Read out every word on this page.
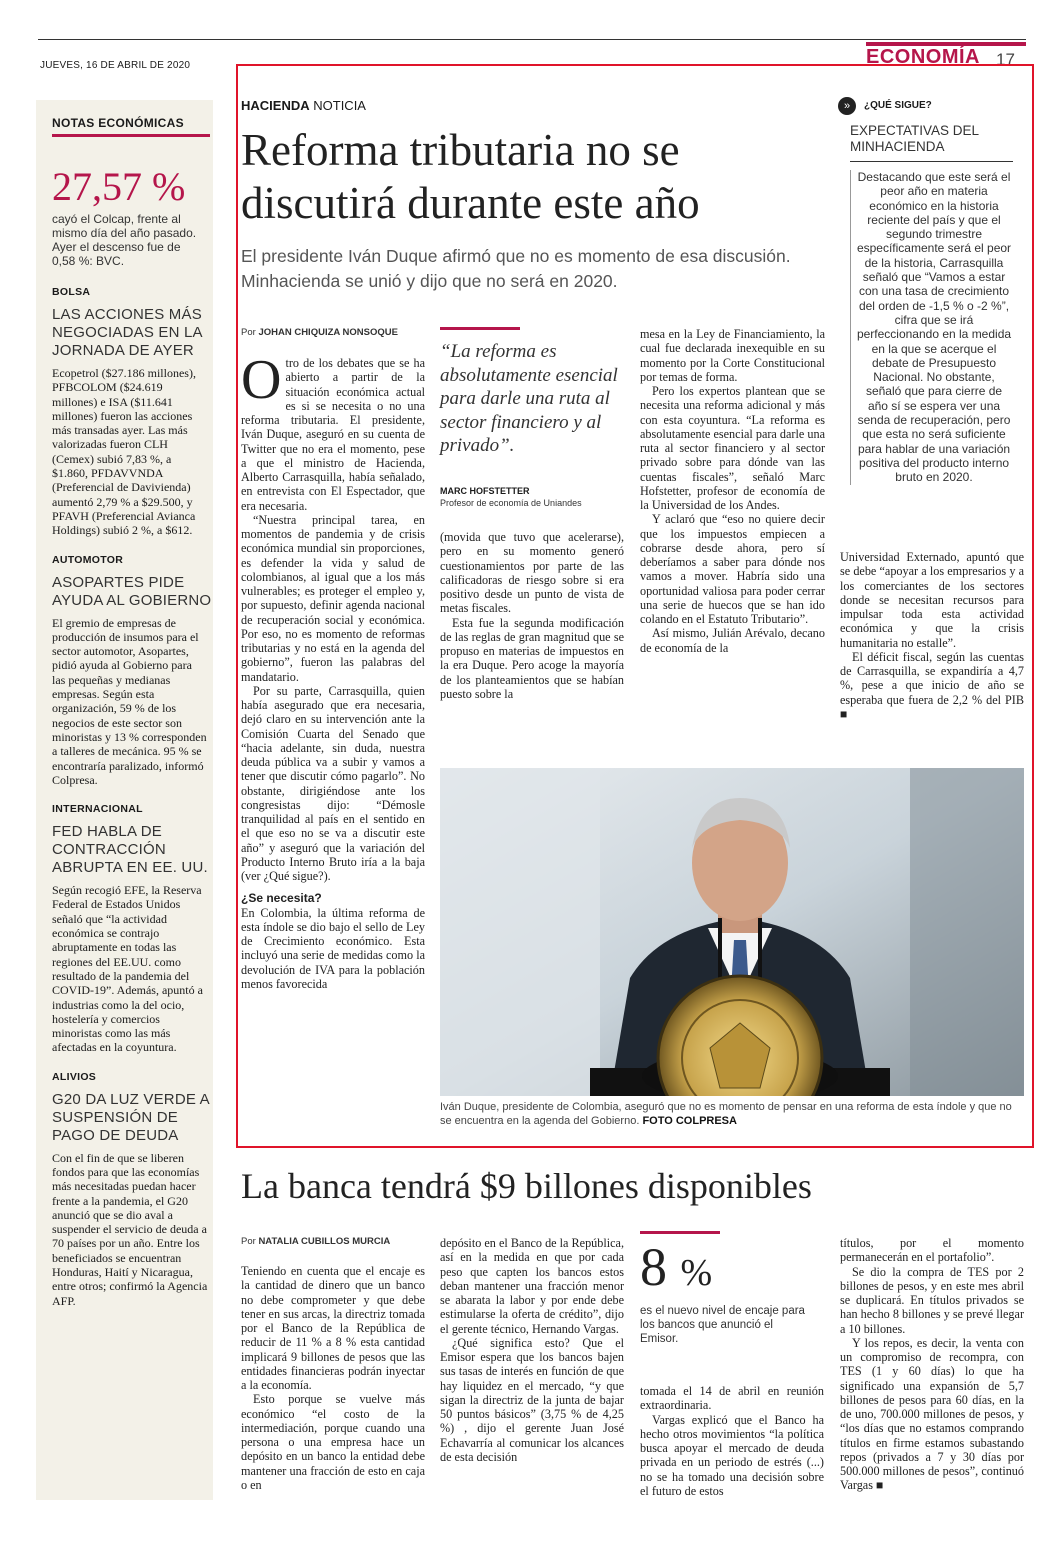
JUEVES, 16 DE ABRIL DE 2020	ECONOMÍA 17
NOTAS ECONÓMICAS
27,57 %
cayó el Colcap, frente al mismo día del año pasado. Ayer el descenso fue de 0,58 %: BVC.
BOLSA
LAS ACCIONES MÁS NEGOCIADAS EN LA JORNADA DE AYER
Ecopetrol ($27.186 millones), PFBCOLOM ($24.619 millones) e ISA ($11.641 millones) fueron las acciones más transadas ayer. Las más valorizadas fueron CLH (Cemex) subió 7,83 %, a $1.860, PFDAVVNDA (Preferencial de Davivienda) aumentó 2,79 % a $29.500, y PFAVH (Preferencial Avianca Holdings) subió 2 %, a $612.
AUTOMOTOR
ASOPARTES PIDE AYUDA AL GOBIERNO
El gremio de empresas de producción de insumos para el sector automotor, Asopartes, pidió ayuda al Gobierno para las pequeñas y medianas empresas. Según esta organización, 59 % de los negocios de este sector son minoristas y 13 % corresponden a talleres de mecánica. 95 % se encontraría paralizado, informó Colpresa.
INTERNACIONAL
FED HABLA DE CONTRACCIÓN ABRUPTA EN EE. UU.
Según recogió EFE, la Reserva Federal de Estados Unidos señaló que “la actividad económica se contrajo abruptamente en todas las regiones del EE.UU. como resultado de la pandemia del COVID-19”. Además, apuntó a industrias como la del ocio, hostelería y comercios minoristas como las más afectadas en la coyuntura.
ALIVIOS
G20 DA LUZ VERDE A SUSPENSIÓN DE PAGO DE DEUDA
Con el fin de que se liberen fondos para que las economías más necesitadas puedan hacer frente a la pandemia, el G20 anunció que se dio aval a suspender el servicio de deuda a 70 países por un año. Entre los beneficiados se encuentran Honduras, Haití y Nicaragua, entre otros; confirmó la Agencia AFP.
HACIENDA NOTICIA
Reforma tributaria no se discutirá durante este año
El presidente Iván Duque afirmó que no es momento de esa discusión. Minhacienda se unió y dijo que no será en 2020.
Por JOHAN CHIQUIZA NONSOQUE

Otro de los debates que se ha abierto a partir de la situación económica actual es si se necesita o no una reforma tributaria. El presidente, Iván Duque, aseguró en su cuenta de Twitter que no era el momento, pese a que el ministro de Hacienda, Alberto Carrasquilla, había señalado, en entrevista con El Espectador, que era necesaria.

“Nuestra principal tarea, en momentos de pandemia y de crisis económica mundial sin proporciones, es defender la vida y salud de colombianos, al igual que a los más vulnerables; es proteger el empleo y, por supuesto, definir agenda nacional de recuperación social y económica. Por eso, no es momento de reformas tributarias y no está en la agenda del gobierno”, fueron las palabras del mandatario.

Por su parte, Carrasquilla, quien había asegurado que era necesaria, dejó claro en su intervención ante la Comisión Cuarta del Senado que “hacia adelante, sin duda, nuestra deuda pública va a subir y vamos a tener que discutir cómo pagarlo”. No obstante, dirigiéndose ante los congresistas dijo: “Démosle tranquilidad al país en el sentido en el que eso no se va a discutir este año” y aseguró que la variación del Producto Interno Bruto iría a la baja (ver ¿Qué sigue?).

¿Se necesita?

En Colombia, la última reforma de esta índole se dio bajo el sello de Ley de Crecimiento económico. Esta incluyó una serie de medidas como la devolución de IVA para la población menos favorecida

“La reforma es absolutamente esencial para darle una ruta al sector financiero y al privado”.
MARC HOFSTETTER
Profesor de economía de Uniandes

(movida que tuvo que acelerarse), pero en su momento generó cuestionamientos por parte de las calificadoras de riesgo sobre si era positivo desde un punto de vista de metas fiscales.

Esta fue la segunda modificación de las reglas de gran magnitud que se propuso en materias de impuestos en la era Duque. Pero acoge la mayoría de los planteamientos que se habían puesto sobre la

mesa en la Ley de Financiamiento, la cual fue declarada inexequible en su momento por la Corte Constitucional por temas de forma.

Pero los expertos plantean que se necesita una reforma adicional y más con esta coyuntura. “La reforma es absolutamente esencial para darle una ruta al sector financiero y al sector privado sobre para dónde van las cuentas fiscales”, señaló Marc Hofstetter, profesor de economía de la Universidad de los Andes.

Y aclaró que “eso no quiere decir que los impuestos empiecen a cobrarse desde ahora, pero sí deberíamos a saber para dónde nos vamos a mover. Habría sido una oportunidad valiosa para poder cerrar una serie de huecos que se han ido colando en el Estatuto Tributario”.

Así mismo, Julián Arévalo, decano de economía de la

» ¿QUÉ SIGUE?
EXPECTATIVAS DEL MINHACIENDA
Destacando que este será el peor año en materia económico en la historia reciente del país y que el segundo trimestre específicamente será el peor de la historia, Carrasquilla señaló que “Vamos a estar con una tasa de crecimiento del orden de -1,5 % o -2 %”, cifra que se irá perfeccionando en la medida en la que se acerque el debate de Presupuesto Nacional. No obstante, señaló que para cierre de año sí se espera ver una senda de recuperación, pero que esta no será suficiente para hablar de una variación positiva del producto interno bruto en 2020.

Universidad Externado, apuntó que se debe “apoyar a los empresarios y a los comerciantes de los sectores donde se necesitan recursos para impulsar toda esta actividad económica y que la crisis humanitaria no estalle”.

El déficit fiscal, según las cuentas de Carrasquilla, se expandiría a 4,7 %, pese a que inicio de año se esperaba que fuera de 2,2 % del PIB ■

Iván Duque, presidente de Colombia, aseguró que no es momento de pensar en una reforma de esta índole y que no se encuentra en la agenda del Gobierno. FOTO COLPRESA
La banca tendrá $9 billones disponibles
Por NATALIA CUBILLOS MURCIA

Teniendo en cuenta que el encaje es la cantidad de dinero que un banco no debe comprometer y que debe tener en sus arcas, la directriz tomada por el Banco de la República de reducir de 11 % a 8 % esta cantidad implicará 9 billones de pesos que las entidades financieras podrán inyectar a la economía.

Esto porque se vuelve más económico “el costo de la intermediación, porque cuando una persona o una empresa hace un depósito en un banco la entidad debe mantener una fracción de esto en caja o en

depósito en el Banco de la República, así en la medida en que por cada peso que capten los bancos estos deban mantener una fracción menor se abarata la labor y por ende debe estimularse la oferta de crédito”, dijo el gerente técnico, Hernando Vargas.

¿Qué significa esto? Que el Emisor espera que los bancos bajen sus tasas de interés en función de que hay liquidez en el mercado, “y que sigan la directriz de la junta de bajar 50 puntos básicos” (3,75 % de 4,25 %) , dijo el gerente Juan José Echavarría al comunicar los alcances de esta decisión

8 %
es el nuevo nivel de encaje para los bancos que anunció el Emisor.

tomada el 14 de abril en reunión extraordinaria.

Vargas explicó que el Banco ha hecho otros movimientos “la política busca apoyar el mercado de deuda privada en un periodo de estrés (...) no se ha tomado una decisión sobre el futuro de estos

títulos, por el momento permanecerán en el portafolio”.

Se dio la compra de TES por 2 billones de pesos, y en este mes abril se duplicará. En títulos privados se han hecho 8 billones y se prevé llegar a 10 billones.

Y los repos, es decir, la venta con un compromiso de recompra, con TES (1 y 60 días) lo que ha significado una expansión de 5,7 billones de pesos para 60 días, en la de uno, 700.000 millones de pesos, y “los días que no estamos comprando títulos en firme estamos subastando repos (privados a 7 y 30 días por 500.000 millones de pesos”, continuó Vargas ■
